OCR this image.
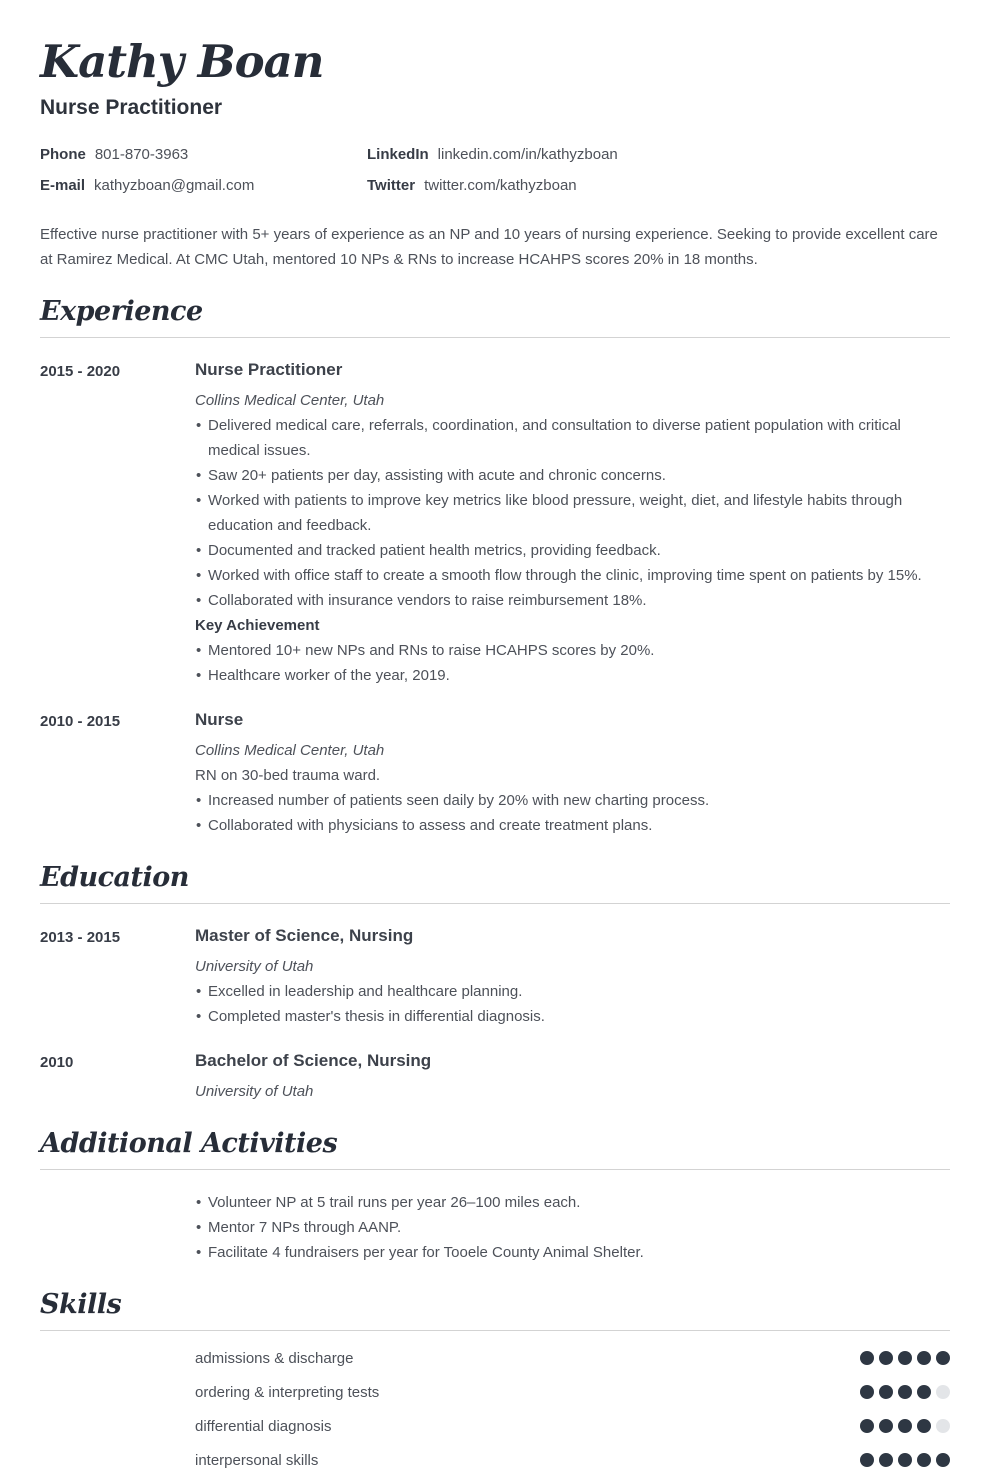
Kathy Boan
Nurse Practitioner
Phone 801-870-3963	LinkedIn linkedin.com/in/kathyzboan
E-mail kathyzboan@gmail.com	Twitter twitter.com/kathyzboan

Effective nurse practitioner with 5+ years of experience as an NP and 10 years of nursing experience. Seeking to provide excellent care at Ramirez Medical. At CMC Utah, mentored 10 NPs & RNs to increase HCAHPS scores 20% in 18 months.

Experience
2015 - 2020	Nurse Practitioner
Collins Medical Center, Utah
• Delivered medical care, referrals, coordination, and consultation to diverse patient population with critical medical issues.
• Saw 20+ patients per day, assisting with acute and chronic concerns.
• Worked with patients to improve key metrics like blood pressure, weight, diet, and lifestyle habits through education and feedback.
• Documented and tracked patient health metrics, providing feedback.
• Worked with office staff to create a smooth flow through the clinic, improving time spent on patients by 15%.
• Collaborated with insurance vendors to raise reimbursement 18%.
Key Achievement
• Mentored 10+ new NPs and RNs to raise HCAHPS scores by 20%.
• Healthcare worker of the year, 2019.
2010 - 2015	Nurse
Collins Medical Center, Utah

RN on 30-bed trauma ward.

• Increased number of patients seen daily by 20% with new charting process.
• Collaborated with physicians to assess and create treatment plans.
Education
2013 - 2015	Master of Science, Nursing
University of Utah
• Excelled in leadership and healthcare planning.
• Completed master's thesis in differential diagnosis.
2010	Bachelor of Science, Nursing
University of Utah
Additional Activities
• Volunteer NP at 5 trail runs per year 26–100 miles each.
• Mentor 7 NPs through AANP.
• Facilitate 4 fundraisers per year for Tooele County Animal Shelter.
Skills
admissions & discharge
ordering & interpreting tests
differential diagnosis
interpersonal skills
